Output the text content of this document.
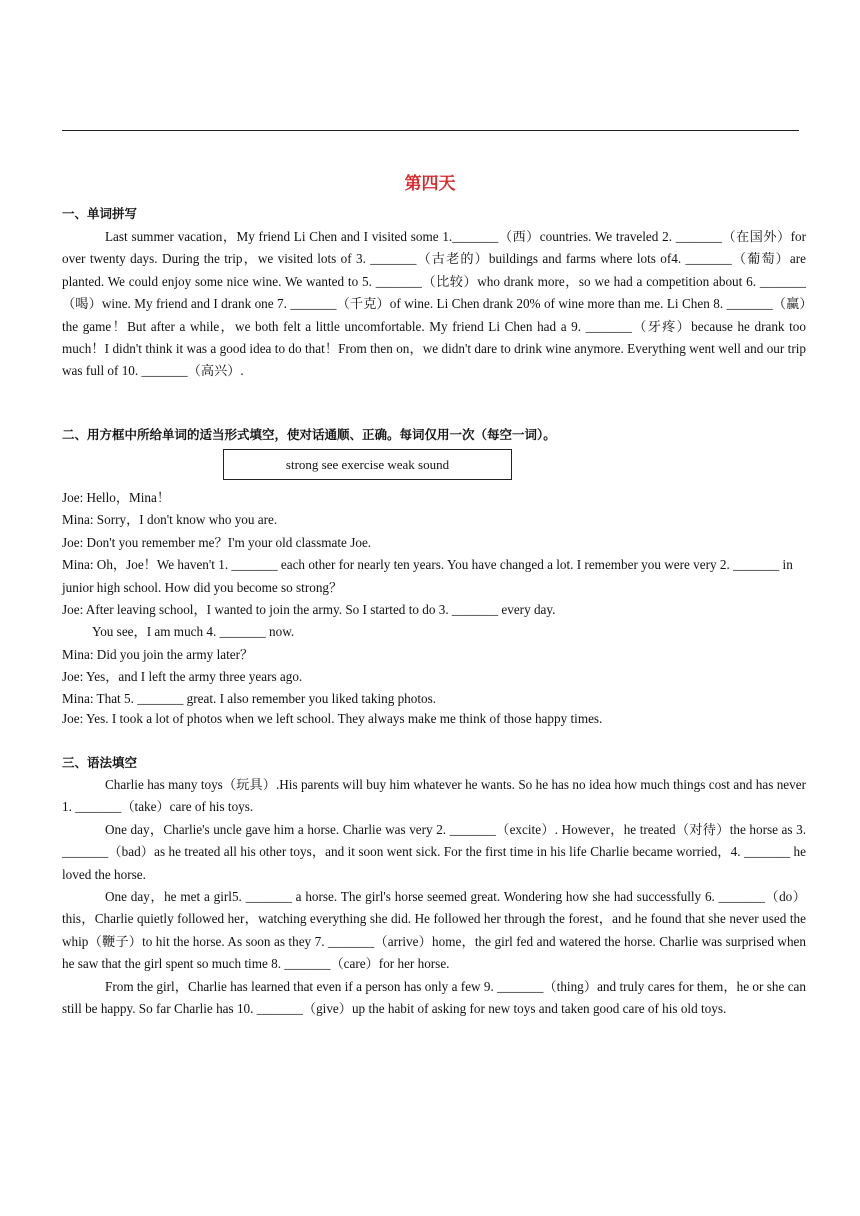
第四天
一、单词拼写

Last summer vacation，My friend Li Chen and I visited some 1._______（西）countries. We traveled 2. _______（在国外）for over twenty days. During the trip，we visited lots of 3. _______（古老的）buildings and farms where lots of4. _______（葡萄）are planted. We could enjoy some nice wine. We wanted to 5. _______（比较）who drank more，so we had a competition about 6. _______（喝）wine. My friend and I drank one 7. _______（千克）of wine. Li Chen drank 20% of wine more than me. Li Chen 8. _______（赢）the game！But after a while，we both felt a little uncomfortable. My friend Li Chen had a 9. _______（牙疼）because he drank too much！I didn't think it was a good idea to do that！From then on，we didn't dare to drink wine anymore. Everything went well and our trip was full of 10. _______（高兴）.

二、用方框中所给单词的适当形式填空，使对话通顺、正确。每词仅用一次（每空一词）。
strong see exercise weak sound
Joe: Hello，Mina！
Mina: Sorry，I don't know who you are.
Joe: Don't you remember me？I'm your old classmate Joe.
Mina: Oh，Joe！We haven't 1. _______ each other for nearly ten years. You have changed a lot. I remember you were very 2. _______ in junior high school. How did you become so strong？
Joe: After leaving school，I wanted to join the army. So I started to do 3. _______ every day.
You see，I am much 4. _______ now.
Mina: Did you join the army later？
Joe: Yes，and I left the army three years ago.
Mina: That 5. _______ great. I also remember you liked taking photos.
Joe: Yes. I took a lot of photos when we left school. They always make me think of those happy times.
三、语法填空

Charlie has many toys（玩具）.His parents will buy him whatever he wants. So he has no idea how much things cost and has never 1. _______（take）care of his toys.

One day，Charlie's uncle gave him a horse. Charlie was very 2. _______（excite）. However，he treated（对待）the horse as 3. _______（bad）as he treated all his other toys，and it soon went sick. For the first time in his life Charlie became worried，4. _______ he loved the horse.

One day，he met a girl5. _______ a horse. The girl's horse seemed great. Wondering how she had successfully 6. _______（do）this，Charlie quietly followed her，watching everything she did. He followed her through the forest，and he found that she never used the whip（鞭子）to hit the horse. As soon as they 7. _______（arrive）home，the girl fed and watered the horse. Charlie was surprised when he saw that the girl spent so much time 8. _______（care）for her horse.

From the girl，Charlie has learned that even if a person has only a few 9. _______（thing）and truly cares for them，he or she can still be happy. So far Charlie has 10. _______（give）up the habit of asking for new toys and taken good care of his old toys.
